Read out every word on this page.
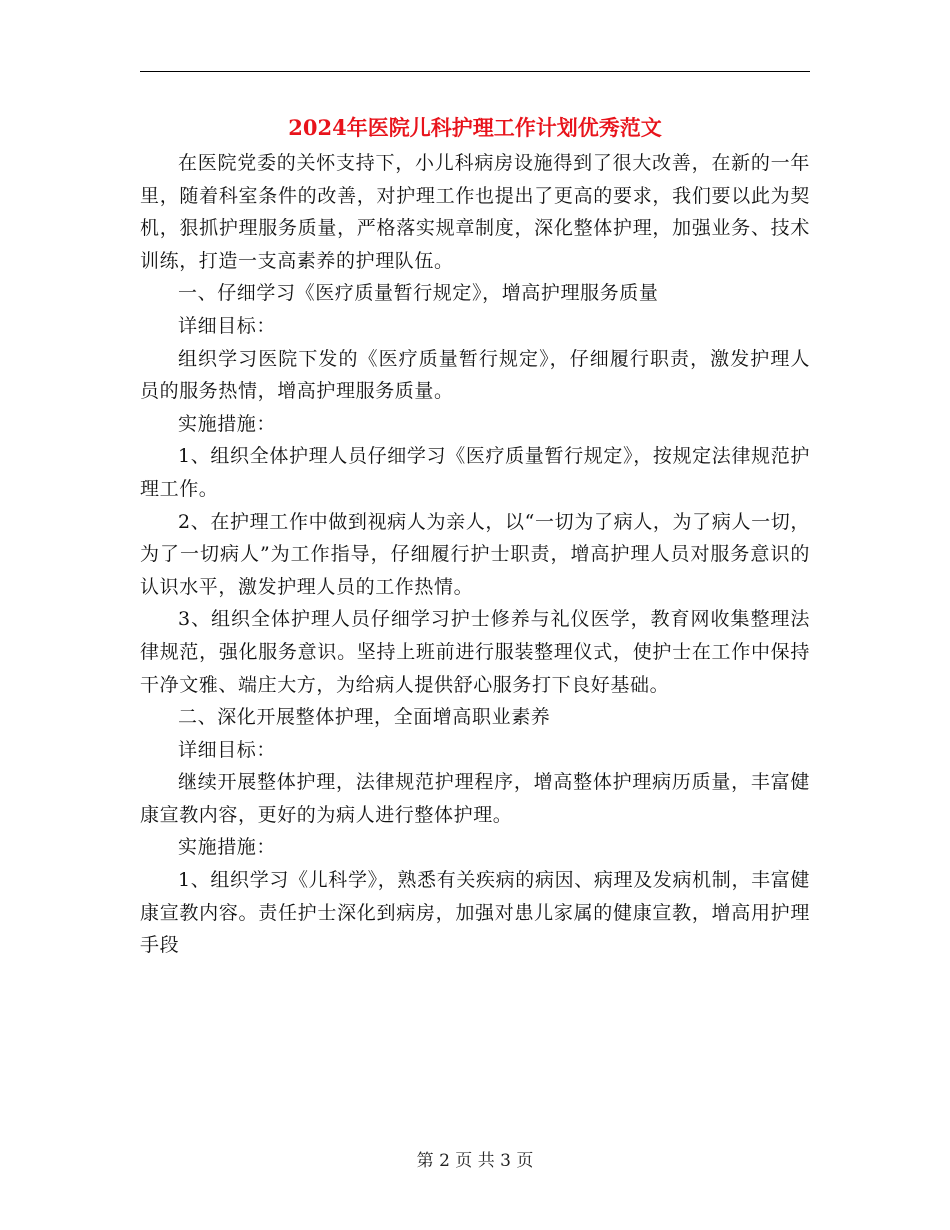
2024年医院儿科护理工作计划优秀范文

在医院党委的关怀支持下，小儿科病房设施得到了很大改善，在新的一年里，随着科室条件的改善，对护理工作也提出了更高的要求，我们要以此为契机，狠抓护理服务质量，严格落实规章制度，深化整体护理，加强业务、技术训练，打造一支高素养的护理队伍。

一、仔细学习《医疗质量暂行规定》，增高护理服务质量

详细目标：

组织学习医院下发的《医疗质量暂行规定》，仔细履行职责，激发护理人员的服务热情，增高护理服务质量。

实施措施：

1、组织全体护理人员仔细学习《医疗质量暂行规定》，按规定法律规范护理工作。

2、在护理工作中做到视病人为亲人，以“一切为了病人，为了病人一切，为了一切病人”为工作指导，仔细履行护士职责，增高护理人员对服务意识的认识水平，激发护理人员的工作热情。

3、组织全体护理人员仔细学习护士修养与礼仪医学，教育网收集整理法律规范，强化服务意识。坚持上班前进行服装整理仪式，使护士在工作中保持干净文雅、端庄大方，为给病人提供舒心服务打下良好基础。

二、深化开展整体护理，全面增高职业素养

详细目标：

继续开展整体护理，法律规范护理程序，增高整体护理病历质量，丰富健康宣教内容，更好的为病人进行整体护理。

实施措施：

1、组织学习《儿科学》，熟悉有关疾病的病因、病理及发病机制，丰富健康宣教内容。责任护士深化到病房，加强对患儿家属的健康宣教，增高用护理手段

第 2 页 共 3 页
